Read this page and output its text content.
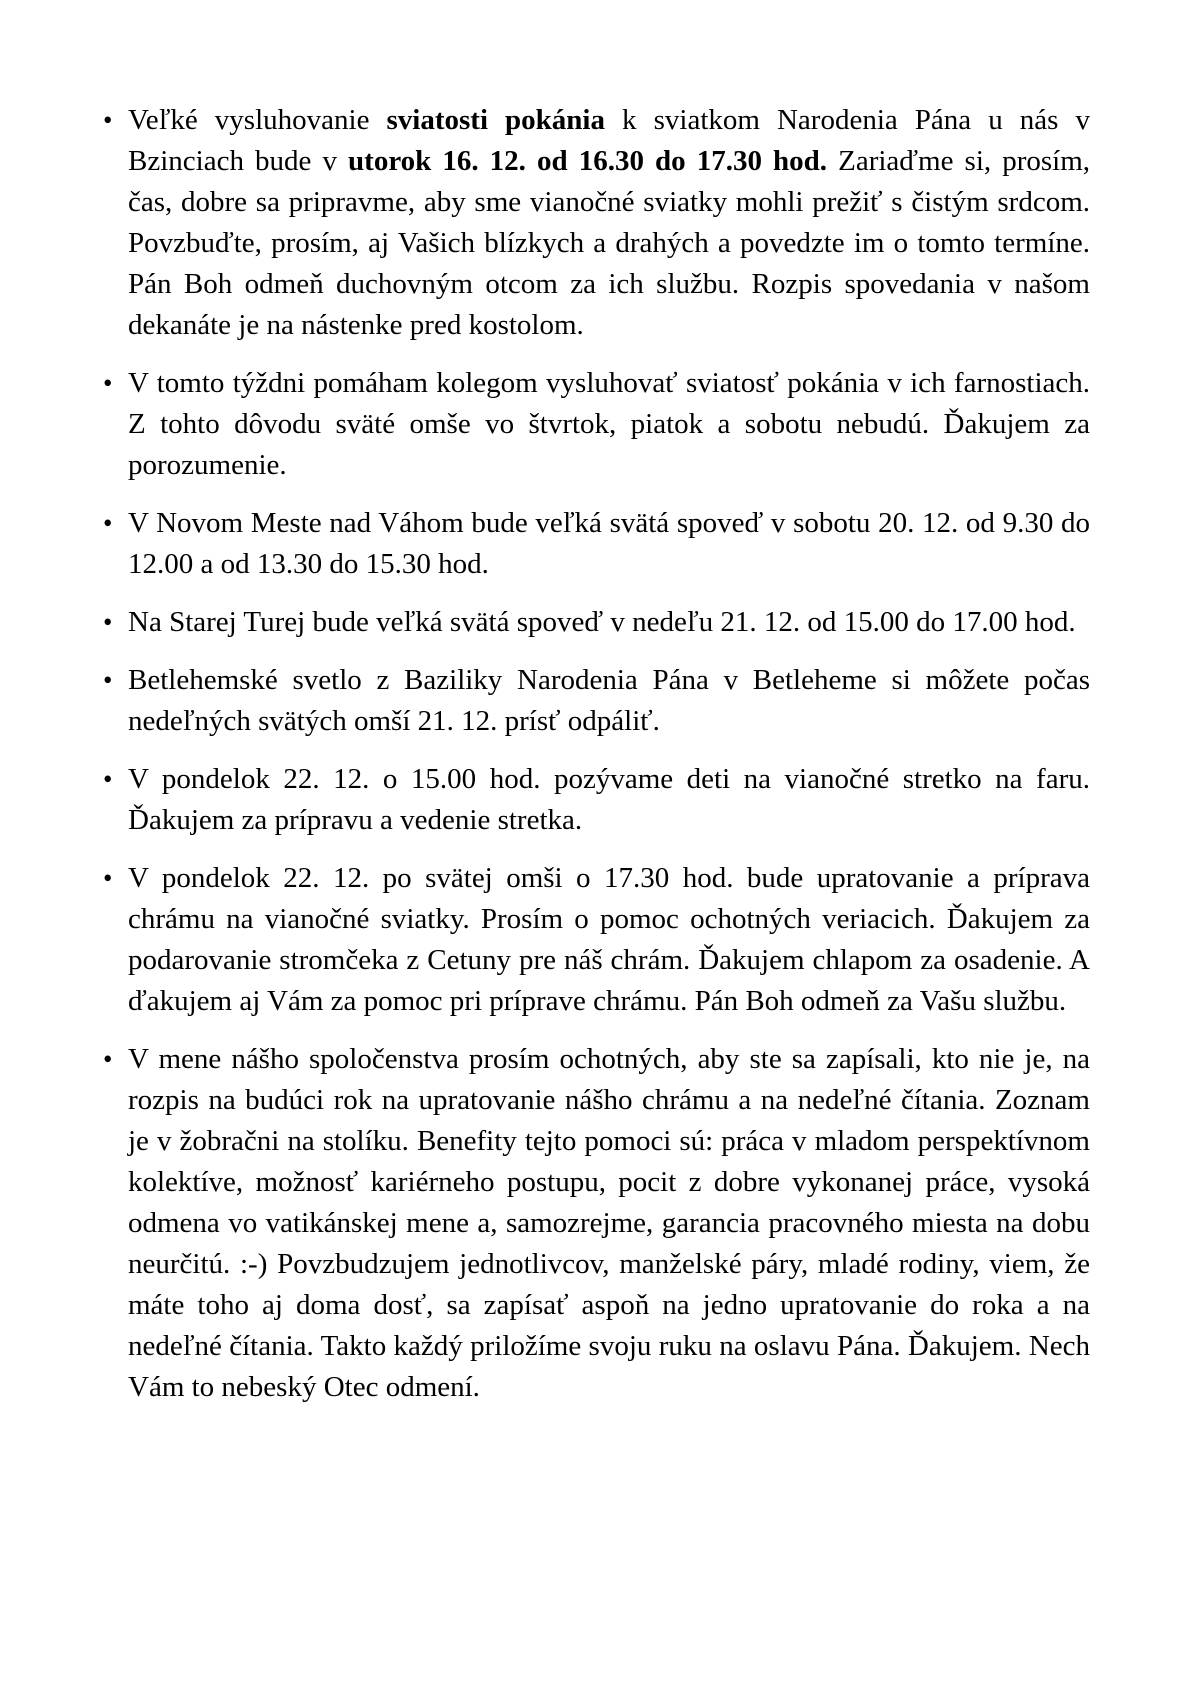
• Veľké vysluhovanie sviatosti pokánia k sviatkom Narodenia Pána u nás v Bzinciach bude v utorok 16. 12. od 16.30 do 17.30 hod. Zariaďme si, prosím, čas, dobre sa pripravme, aby sme vianočné sviatky mohli prežiť s čistým srdcom. Povzbuďte, prosím, aj Vašich blízkych a drahých a povedzte im o tomto termíne. Pán Boh odmeň duchovným otcom za ich službu. Rozpis spovedania v našom dekanáte je na nástenke pred kostolom.
• V tomto týždni pomáham kolegom vysluhovať sviatosť pokánia v ich farnostiach. Z tohto dôvodu sväté omše vo štvrtok, piatok a sobotu nebudú. Ďakujem za porozumenie.
• V Novom Meste nad Váhom bude veľká svätá spoveď v sobotu 20. 12. od 9.30 do 12.00 a od 13.30 do 15.30 hod.
• Na Starej Turej bude veľká svätá spoveď v nedeľu 21. 12. od 15.00 do 17.00 hod.
• Betlehemské svetlo z Baziliky Narodenia Pána v Betleheme si môžete počas nedeľných svätých omší 21. 12. prísť odpáliť.
• V pondelok 22. 12. o 15.00 hod. pozývame deti na vianočné stretko na faru. Ďakujem za prípravu a vedenie stretka.
• V pondelok 22. 12. po svätej omši o 17.30 hod. bude upratovanie a príprava chrámu na vianočné sviatky. Prosím o pomoc ochotných veriacich. Ďakujem za podarovanie stromčeka z Cetuny pre náš chrám. Ďakujem chlapom za osadenie. A ďakujem aj Vám za pomoc pri príprave chrámu. Pán Boh odmeň za Vašu službu.
• V mene nášho spoločenstva prosím ochotných, aby ste sa zapísali, kto nie je, na rozpis na budúci rok na upratovanie nášho chrámu a na nedeľné čítania. Zoznam je v žobračni na stolíku. Benefity tejto pomoci sú: práca v mladom perspektívnom kolektíve, možnosť kariérneho postupu, pocit z dobre vykonanej práce, vysoká odmena vo vatikánskej mene a, samozrejme, garancia pracovného miesta na dobu neurčitú. :-) Povzbudzujem jednotlivcov, manželské páry, mladé rodiny, viem, že máte toho aj doma dosť, sa zapísať aspoň na jedno upratovanie do roka a na nedeľné čítania. Takto každý priložíme svoju ruku na oslavu Pána. Ďakujem. Nech Vám to nebeský Otec odmení.
